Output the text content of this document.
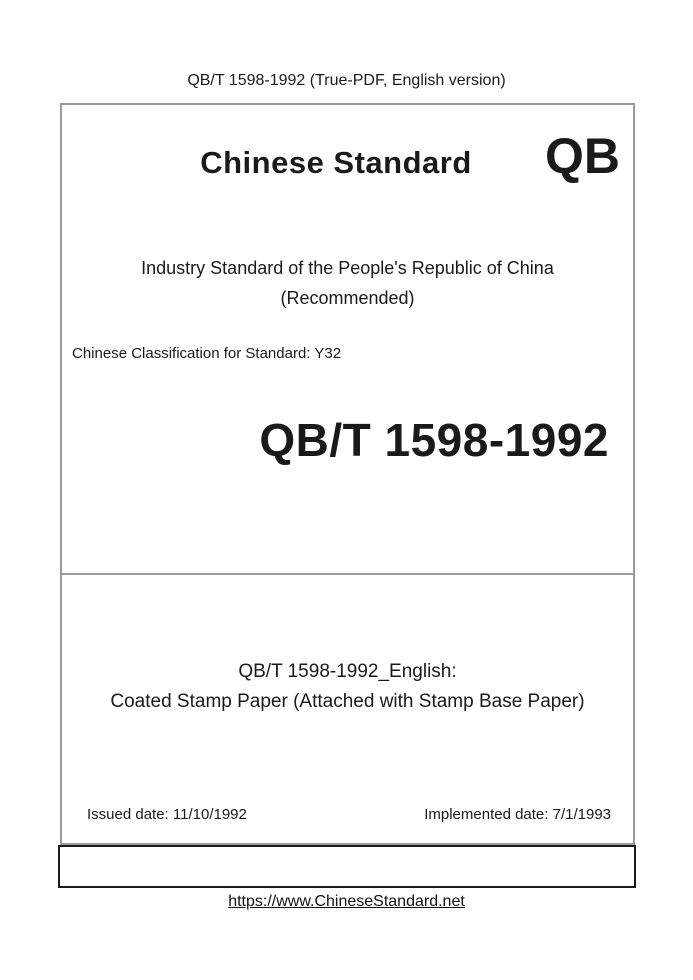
QB/T 1598-1992 (True-PDF, English version)
Chinese Standard	QB
Industry Standard of the People's Republic of China
(Recommended)
Chinese Classification for Standard: Y32
QB/T 1598-1992
QB/T 1598-1992_English:
Coated Stamp Paper (Attached with Stamp Base Paper)
Issued date: 11/10/1992	Implemented date: 7/1/1993
https://www.ChineseStandard.net
